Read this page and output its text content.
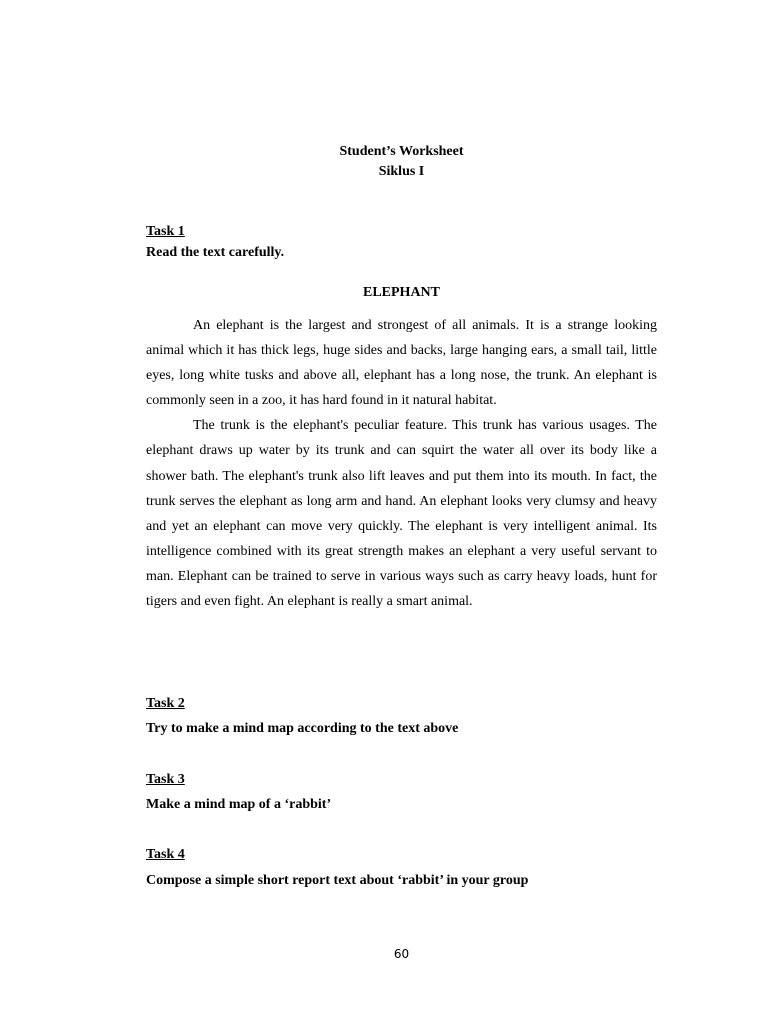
Student’s Worksheet
Siklus I
Task 1
Read the text carefully.
ELEPHANT

An elephant is the largest and strongest of all animals. It is a strange looking animal which it has thick legs, huge sides and backs, large hanging ears, a small tail, little eyes, long white tusks and above all, elephant has a long nose, the trunk. An elephant is commonly seen in a zoo, it has hard found in it natural habitat.

The trunk is the elephant's peculiar feature. This trunk has various usages. The elephant draws up water by its trunk and can squirt the water all over its body like a shower bath. The elephant's trunk also lift leaves and put them into its mouth. In fact, the trunk serves the elephant as long arm and hand. An elephant looks very clumsy and heavy and yet an elephant can move very quickly. The elephant is very intelligent animal. Its intelligence combined with its great strength makes an elephant a very useful servant to man. Elephant can be trained to serve in various ways such as carry heavy loads, hunt for tigers and even fight. An elephant is really a smart animal.

Task 2
Try to make a mind map according to the text above
Task 3
Make a mind map of a ‘rabbit’
Task 4
Compose a simple short report text about ‘rabbit’ in your group
60
